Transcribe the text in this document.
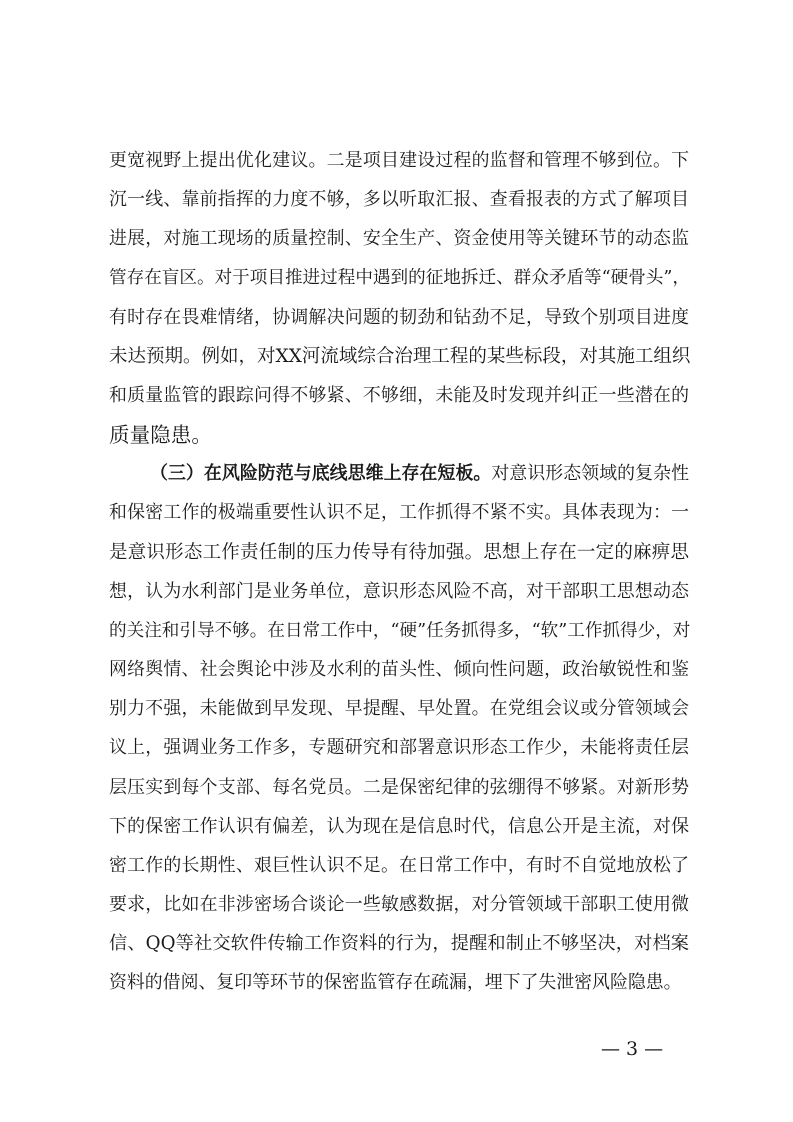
更宽视野上提出优化建议。二是项目建设过程的监督和管理不够到位。下
沉一线、靠前指挥的力度不够，多以听取汇报、查看报表的方式了解项目
进展，对施工现场的质量控制、安全生产、资金使用等关键环节的动态监
管存在盲区。对于项目推进过程中遇到的征地拆迁、群众矛盾等“硬骨头”，
有时存在畏难情绪，协调解决问题的韧劲和钻劲不足，导致个别项目进度
未达预期。例如，对XX河流域综合治理工程的某些标段，对其施工组织
和质量监管的跟踪问得不够紧、不够细，未能及时发现并纠正一些潜在的
质量隐患。
（三）在风险防范与底线思维上存在短板。对意识形态领域的复杂性
和保密工作的极端重要性认识不足，工作抓得不紧不实。具体表现为：一
是意识形态工作责任制的压力传导有待加强。思想上存在一定的麻痹思
想，认为水利部门是业务单位，意识形态风险不高，对干部职工思想动态
的关注和引导不够。在日常工作中，“硬”任务抓得多，“软”工作抓得少，对
网络舆情、社会舆论中涉及水利的苗头性、倾向性问题，政治敏锐性和鉴
别力不强，未能做到早发现、早提醒、早处置。在党组会议或分管领域会
议上，强调业务工作多，专题研究和部署意识形态工作少，未能将责任层
层压实到每个支部、每名党员。二是保密纪律的弦绷得不够紧。对新形势
下的保密工作认识有偏差，认为现在是信息时代，信息公开是主流，对保
密工作的长期性、艰巨性认识不足。在日常工作中，有时不自觉地放松了
要求，比如在非涉密场合谈论一些敏感数据，对分管领域干部职工使用微
信、QQ等社交软件传输工作资料的行为，提醒和制止不够坚决，对档案
资料的借阅、复印等环节的保密监管存在疏漏，埋下了失泄密风险隐患。
— 3 —
